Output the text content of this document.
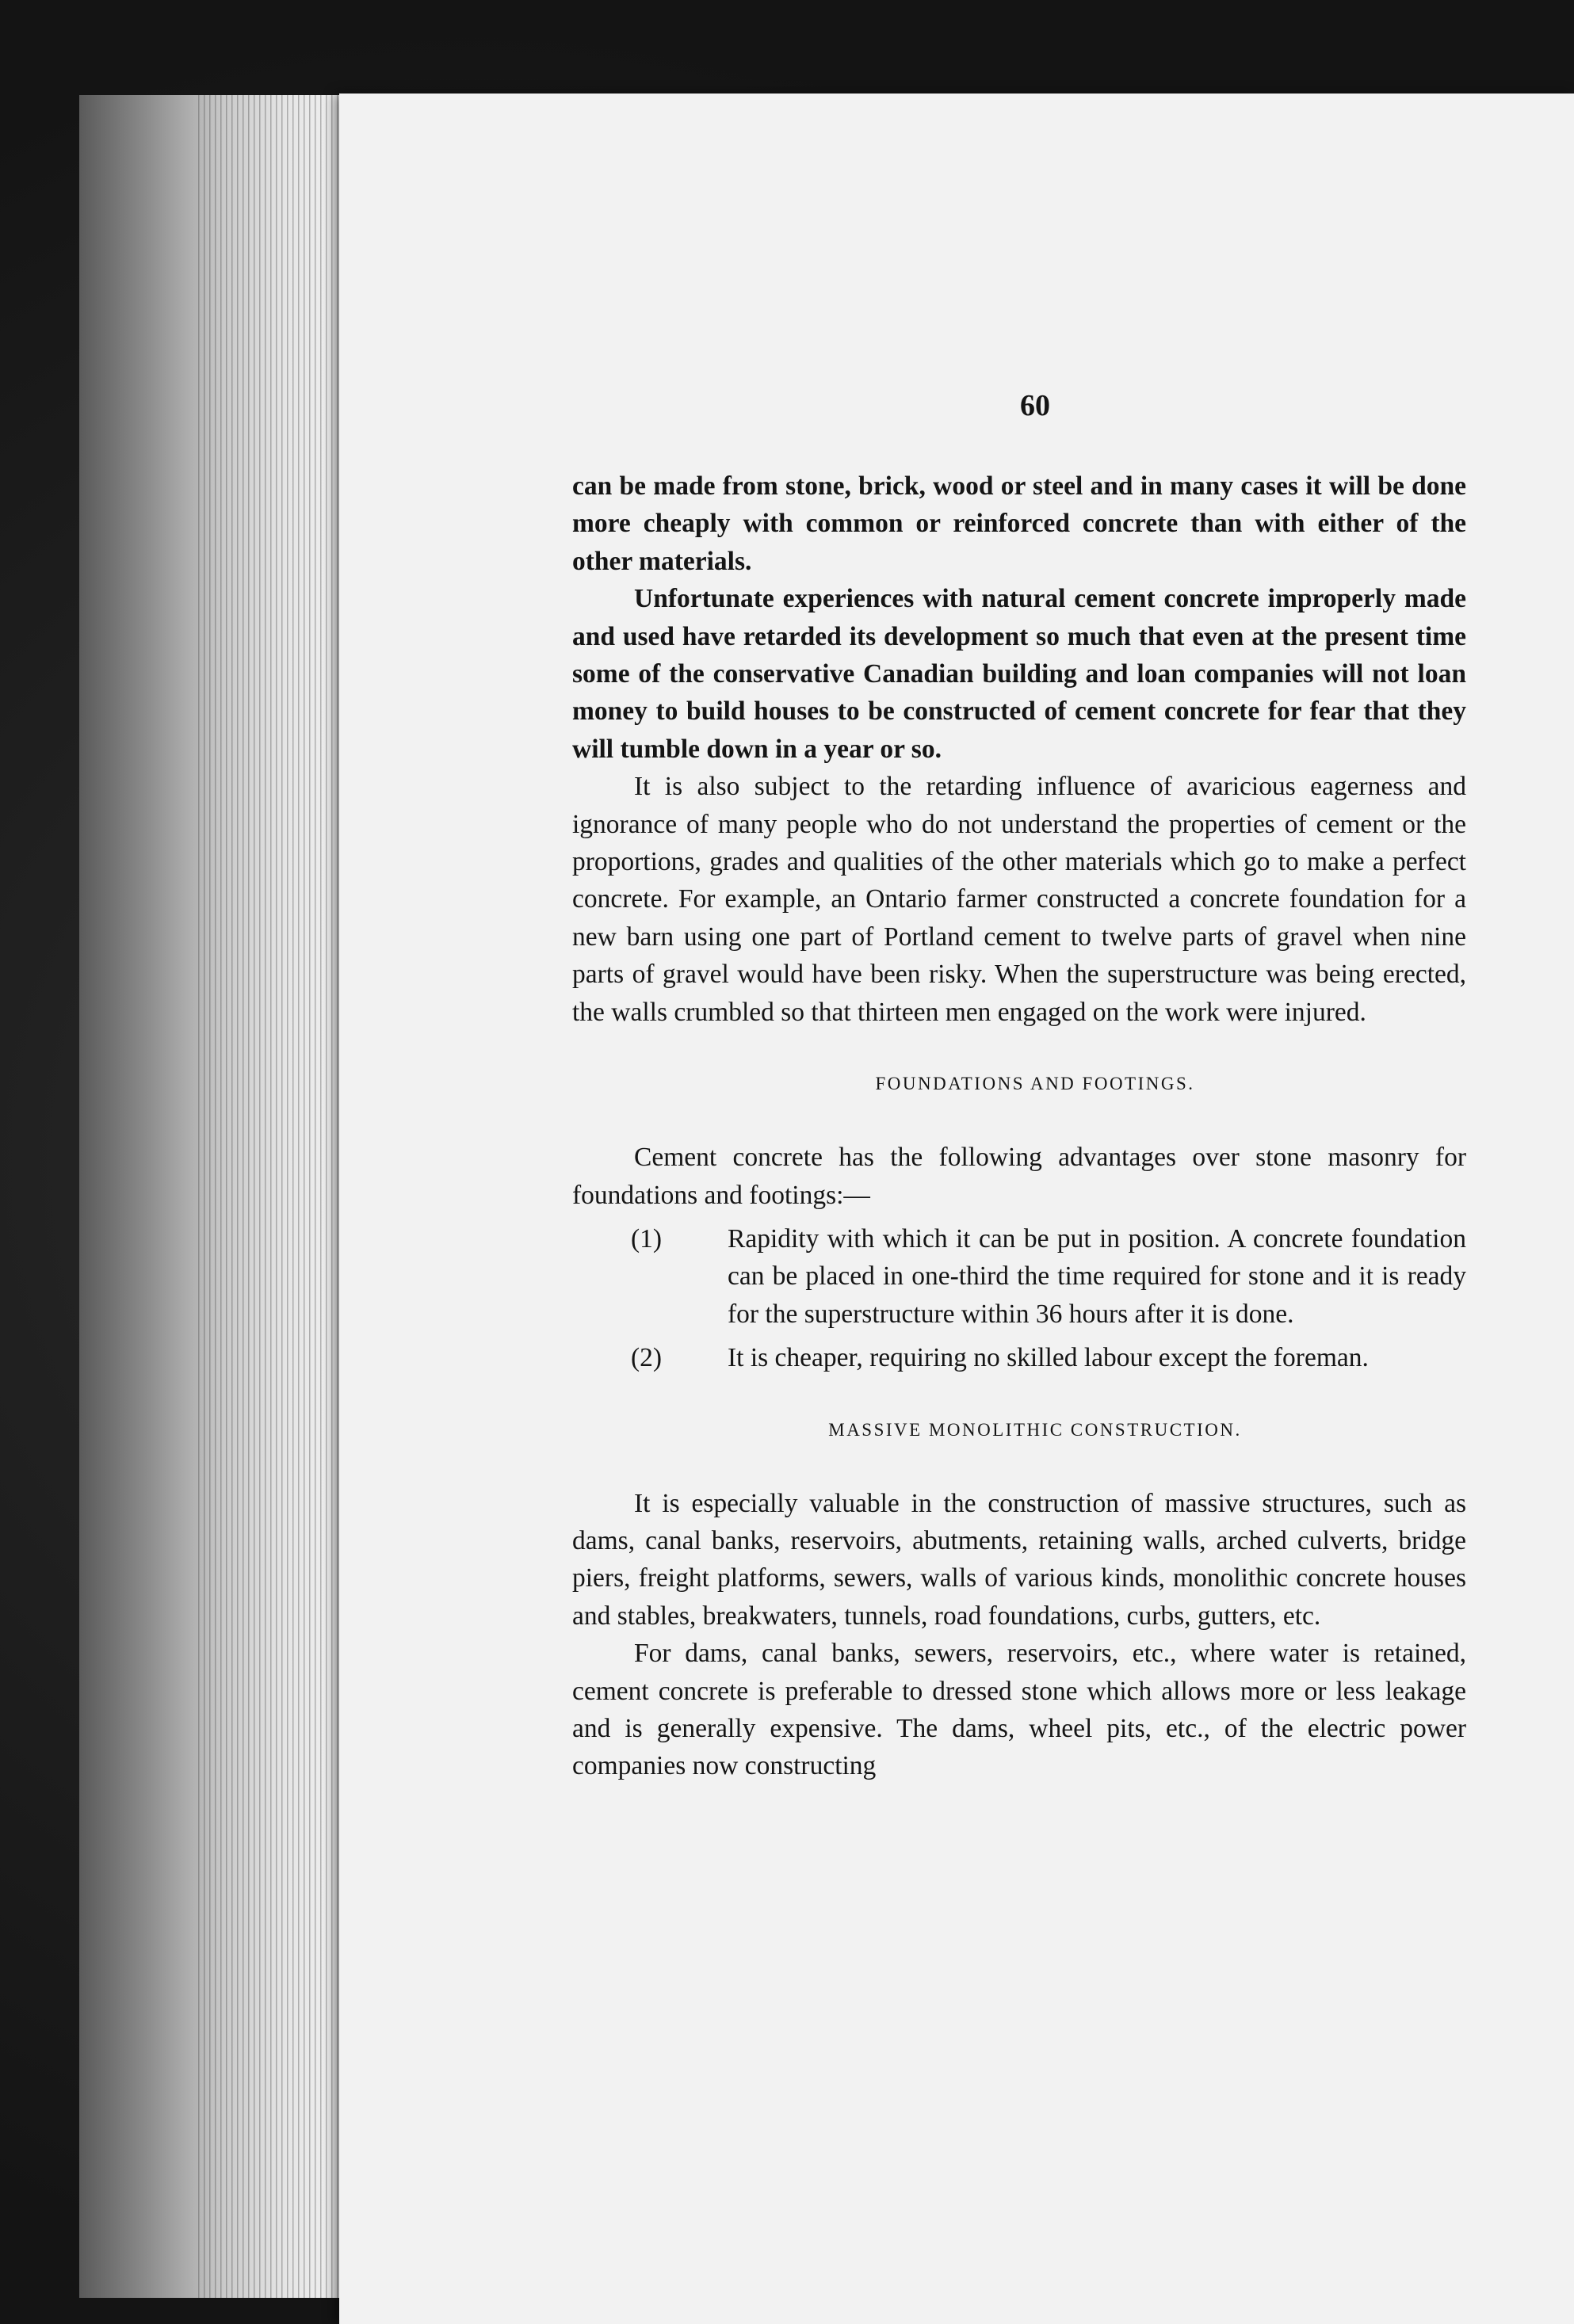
60

can be made from stone, brick, wood or steel and in many cases it will be done more cheaply with common or reinforced concrete than with either of the other materials.

Unfortunate experiences with natural cement concrete improperly made and used have retarded its development so much that even at the present time some of the conservative Canadian building and loan companies will not loan money to build houses to be constructed of cement concrete for fear that they will tumble down in a year or so.

It is also subject to the retarding influence of avaricious eagerness and ignorance of many people who do not understand the properties of cement or the proportions, grades and qualities of the other materials which go to make a perfect concrete. For example, an Ontario farmer constructed a concrete foundation for a new barn using one part of Portland cement to twelve parts of gravel when nine parts of gravel would have been risky. When the superstructure was being erected, the walls crumbled so that thirteen men engaged on the work were injured.

FOUNDATIONS AND FOOTINGS.

Cement concrete has the following advantages over stone masonry for foundations and footings:—

(1) Rapidity with which it can be put in position. A concrete foundation can be placed in one-third the time required for stone and it is ready for the superstructure within 36 hours after it is done.
(2) It is cheaper, requiring no skilled labour except the foreman.
MASSIVE MONOLITHIC CONSTRUCTION.

It is especially valuable in the construction of massive structures, such as dams, canal banks, reservoirs, abutments, retaining walls, arched culverts, bridge piers, freight platforms, sewers, walls of various kinds, monolithic concrete houses and stables, breakwaters, tunnels, road foundations, curbs, gutters, etc.

For dams, canal banks, sewers, reservoirs, etc., where water is retained, cement concrete is preferable to dressed stone which allows more or less leakage and is generally expensive. The dams, wheel pits, etc., of the electric power companies now constructing
